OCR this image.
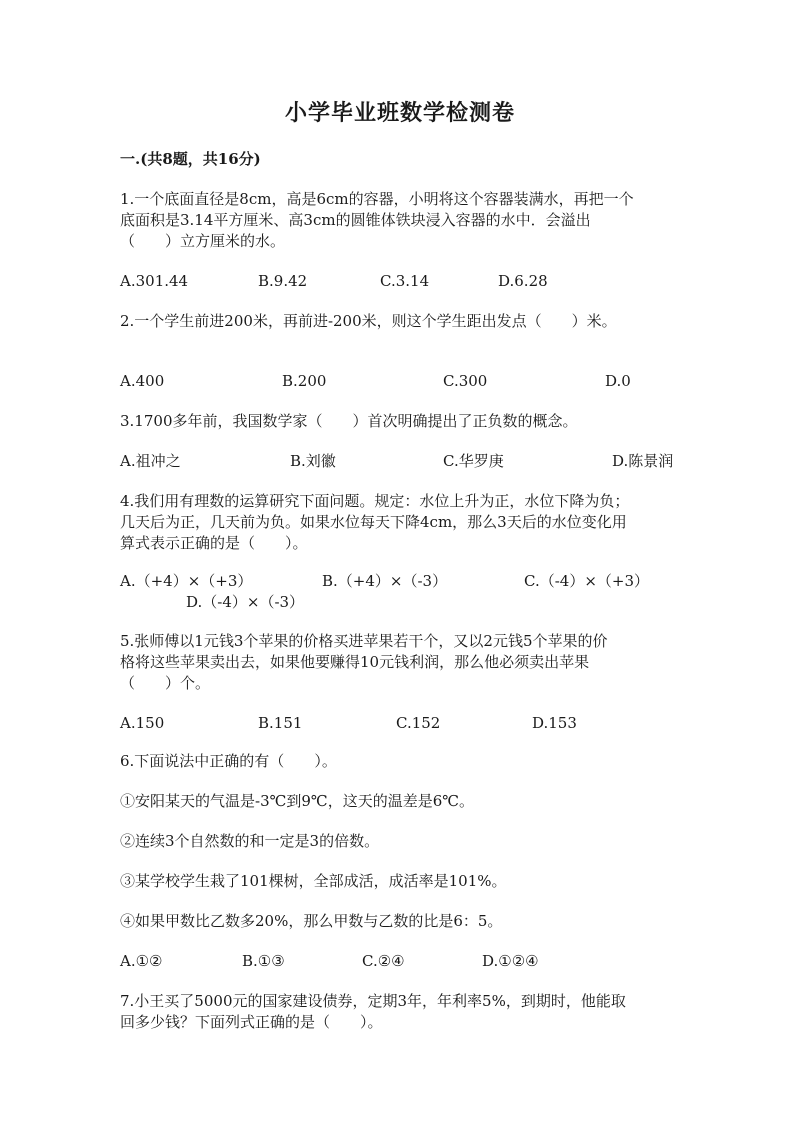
小学毕业班数学检测卷
一.(共8题，共16分)
1.一个底面直径是8cm，高是6cm的容器，小明将这个容器装满水，再把一个
底面积是3.14平方厘米、高3cm的圆锥体铁块浸入容器的水中．会溢出
（　　）立方厘米的水。
A.301.44	B.9.42	C.3.14	D.6.28
2.一个学生前进200米，再前进-200米，则这个学生距出发点（　　）米。
A.400	B.200	C.300	D.0
3.1700多年前，我国数学家（　　）首次明确提出了正负数的概念。
A.祖冲之	B.刘徽	C.华罗庚	D.陈景润
4.我们用有理数的运算研究下面问题。规定：水位上升为正，水位下降为负；
几天后为正，几天前为负。如果水位每天下降4cm，那么3天后的水位变化用
算式表示正确的是（　　）。
A.（+4）×（+3）	B.（+4）×（-3）	C.（-4）×（+3）
D.（-4）×（-3）
5.张师傅以1元钱3个苹果的价格买进苹果若干个，又以2元钱5个苹果的价
格将这些苹果卖出去，如果他要赚得10元钱利润，那么他必须卖出苹果
（　　）个。
A.150	B.151	C.152	D.153
6.下面说法中正确的有（　　）。
①安阳某天的气温是-3℃到9℃，这天的温差是6℃。
②连续3个自然数的和一定是3的倍数。
③某学校学生栽了101棵树，全部成活，成活率是101%。
④如果甲数比乙数多20%，那么甲数与乙数的比是6：5。
A.①②	B.①③	C.②④	D.①②④
7.小王买了5000元的国家建设债券，定期3年，年利率5%，到期时，他能取
回多少钱？下面列式正确的是（　　）。
